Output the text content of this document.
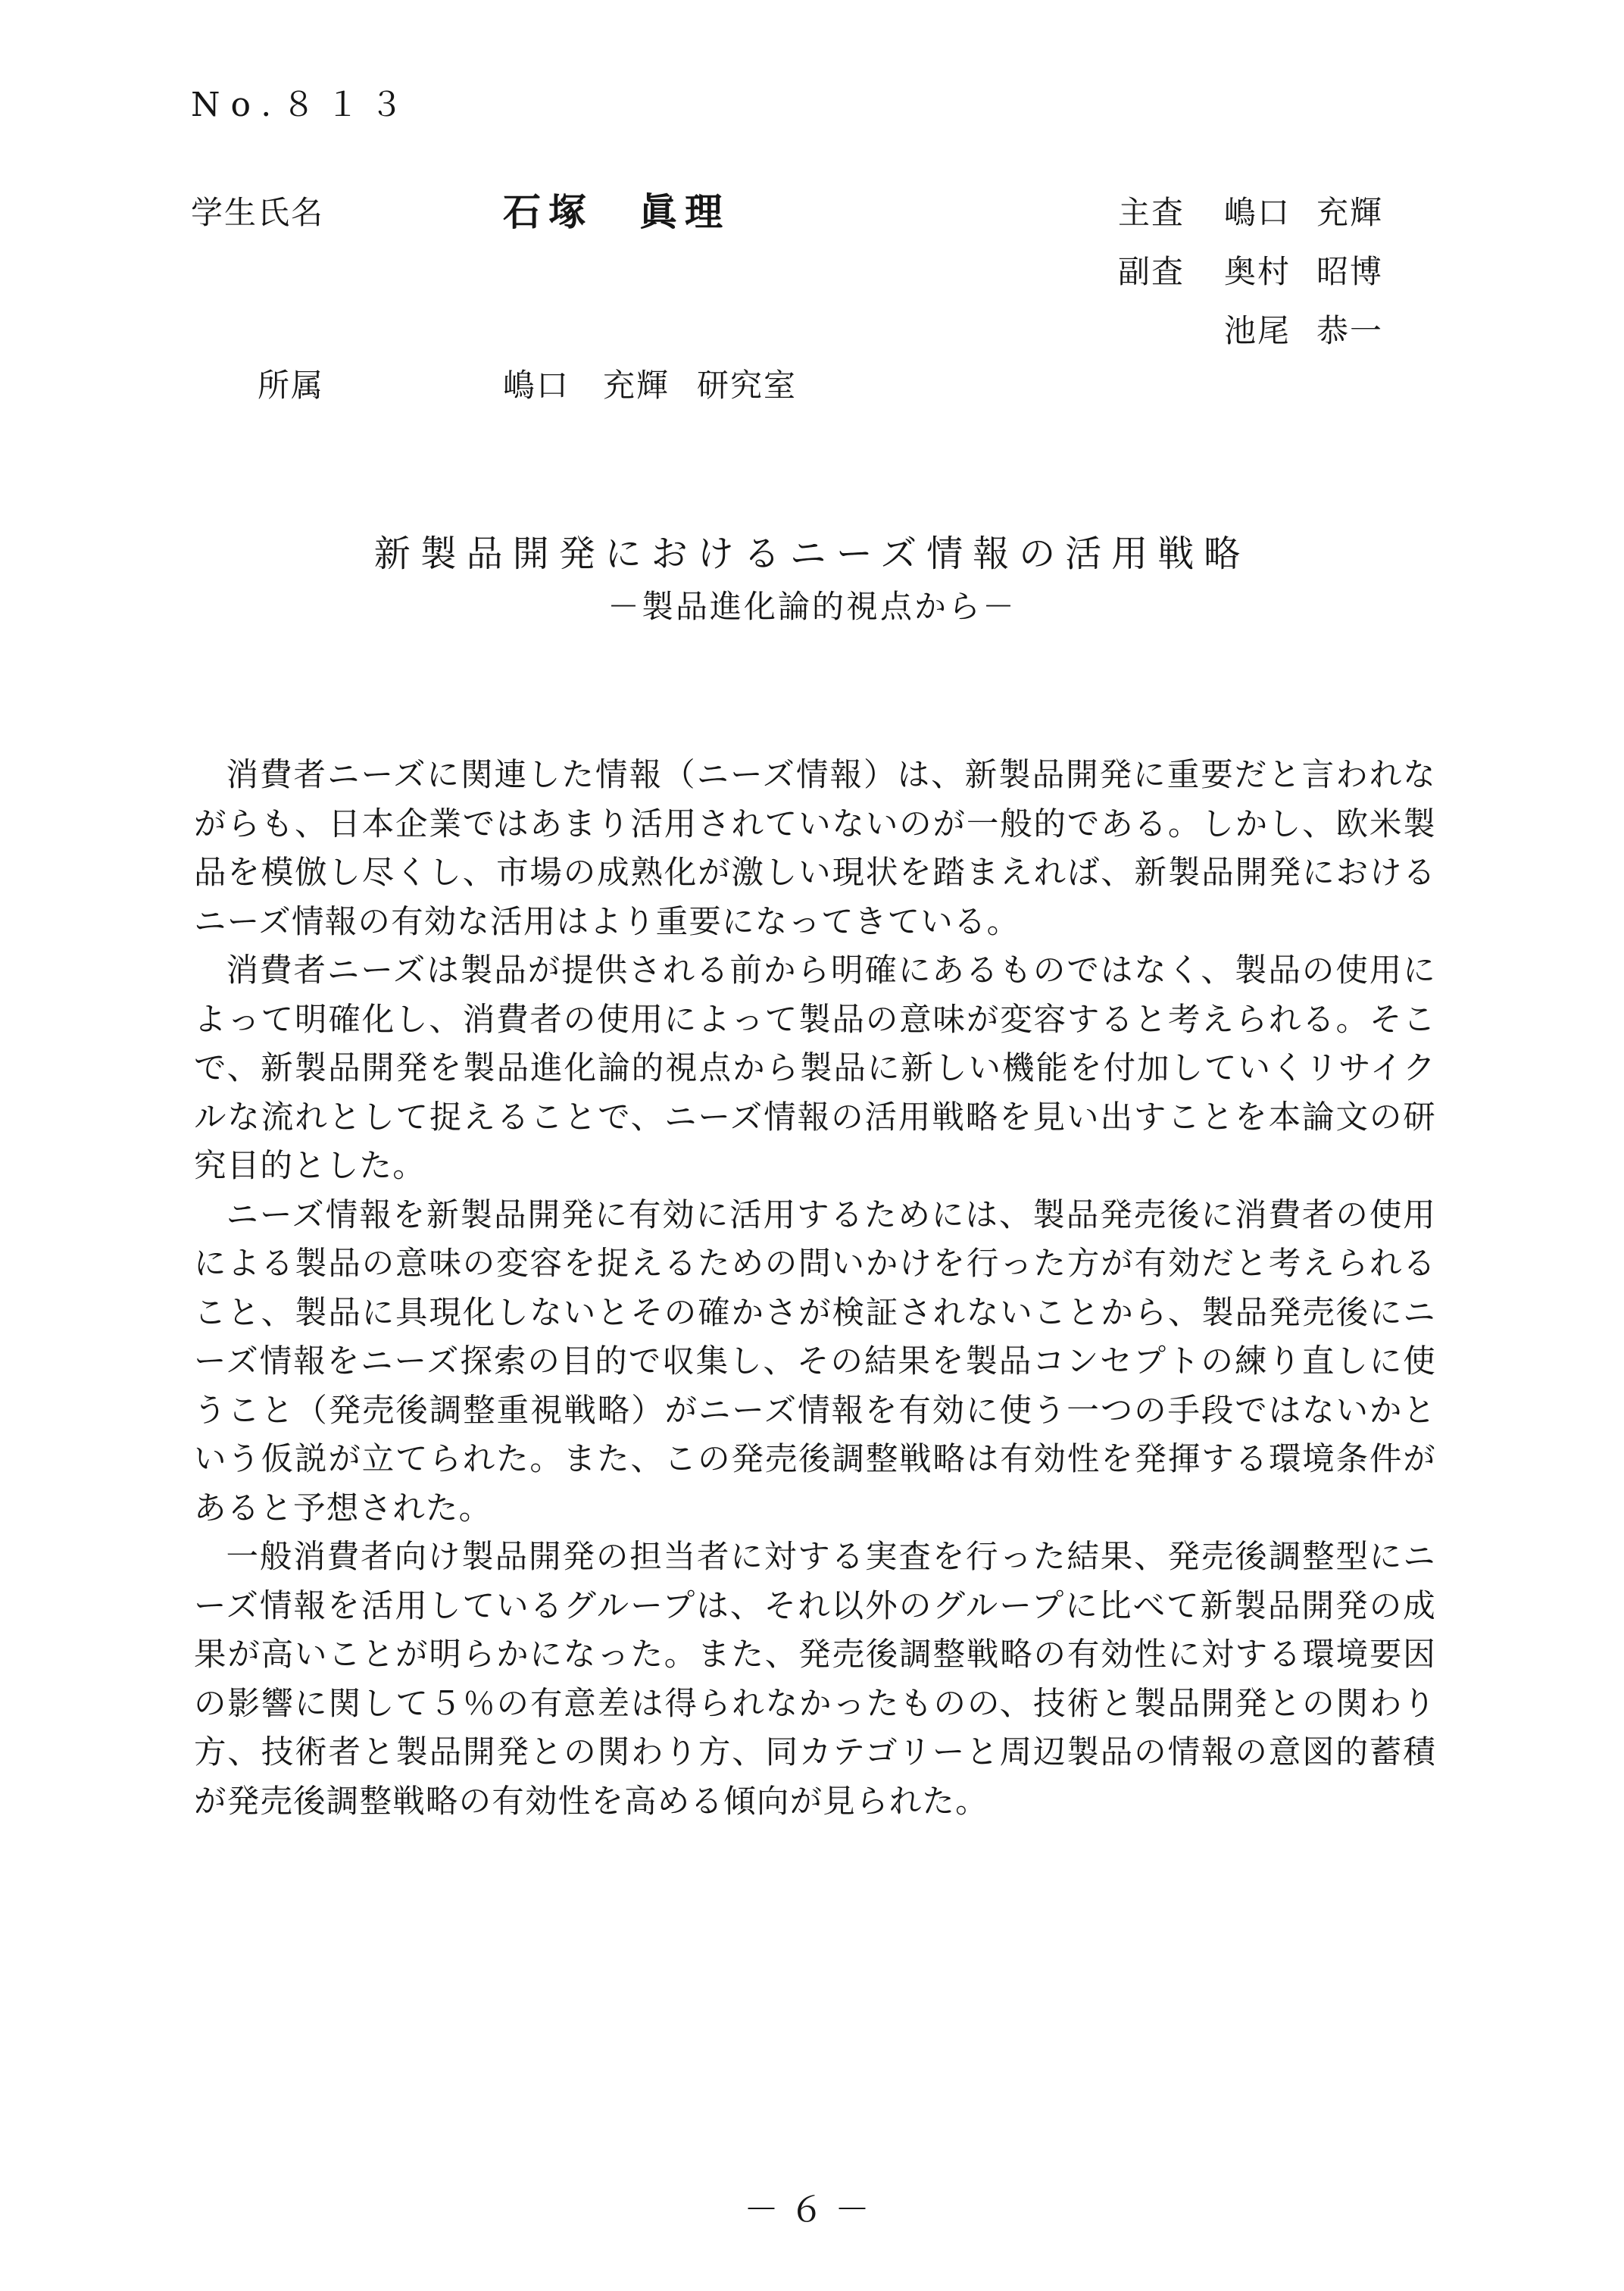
No.８１３
学生氏名	石塚 眞理
所属	嶋口　充輝 研究室
主査 嶋口 充輝
副査 奥村 昭博
池尾 恭一
新製品開発におけるニーズ情報の活用戦略
－製品進化論的視点から－

消費者ニーズに関連した情報（ニーズ情報）は、新製品開発に重要だと言われながらも、日本企業ではあまり活用されていないのが一般的である。しかし、欧米製品を模倣し尽くし、市場の成熟化が激しい現状を踏まえれば、新製品開発におけるニーズ情報の有効な活用はより重要になってきている。

消費者ニーズは製品が提供される前から明確にあるものではなく、製品の使用によって明確化し、消費者の使用によって製品の意味が変容すると考えられる。そこで、新製品開発を製品進化論的視点から製品に新しい機能を付加していくリサイクルな流れとして捉えることで、ニーズ情報の活用戦略を見い出すことを本論文の研究目的とした。

ニーズ情報を新製品開発に有効に活用するためには、製品発売後に消費者の使用による製品の意味の変容を捉えるための問いかけを行った方が有効だと考えられること、製品に具現化しないとその確かさが検証されないことから、製品発売後にニーズ情報をニーズ探索の目的で収集し、その結果を製品コンセプトの練り直しに使うこと（発売後調整重視戦略）がニーズ情報を有効に使う一つの手段ではないかという仮説が立てられた。また、この発売後調整戦略は有効性を発揮する環境条件があると予想された。

一般消費者向け製品開発の担当者に対する実査を行った結果、発売後調整型にニーズ情報を活用しているグループは、それ以外のグループに比べて新製品開発の成果が高いことが明らかになった。また、発売後調整戦略の有効性に対する環境要因の影響に関して５％の有意差は得られなかったものの、技術と製品開発との関わり方、技術者と製品開発との関わり方、同カテゴリーと周辺製品の情報の意図的蓄積が発売後調整戦略の有効性を高める傾向が見られた。

－６－
